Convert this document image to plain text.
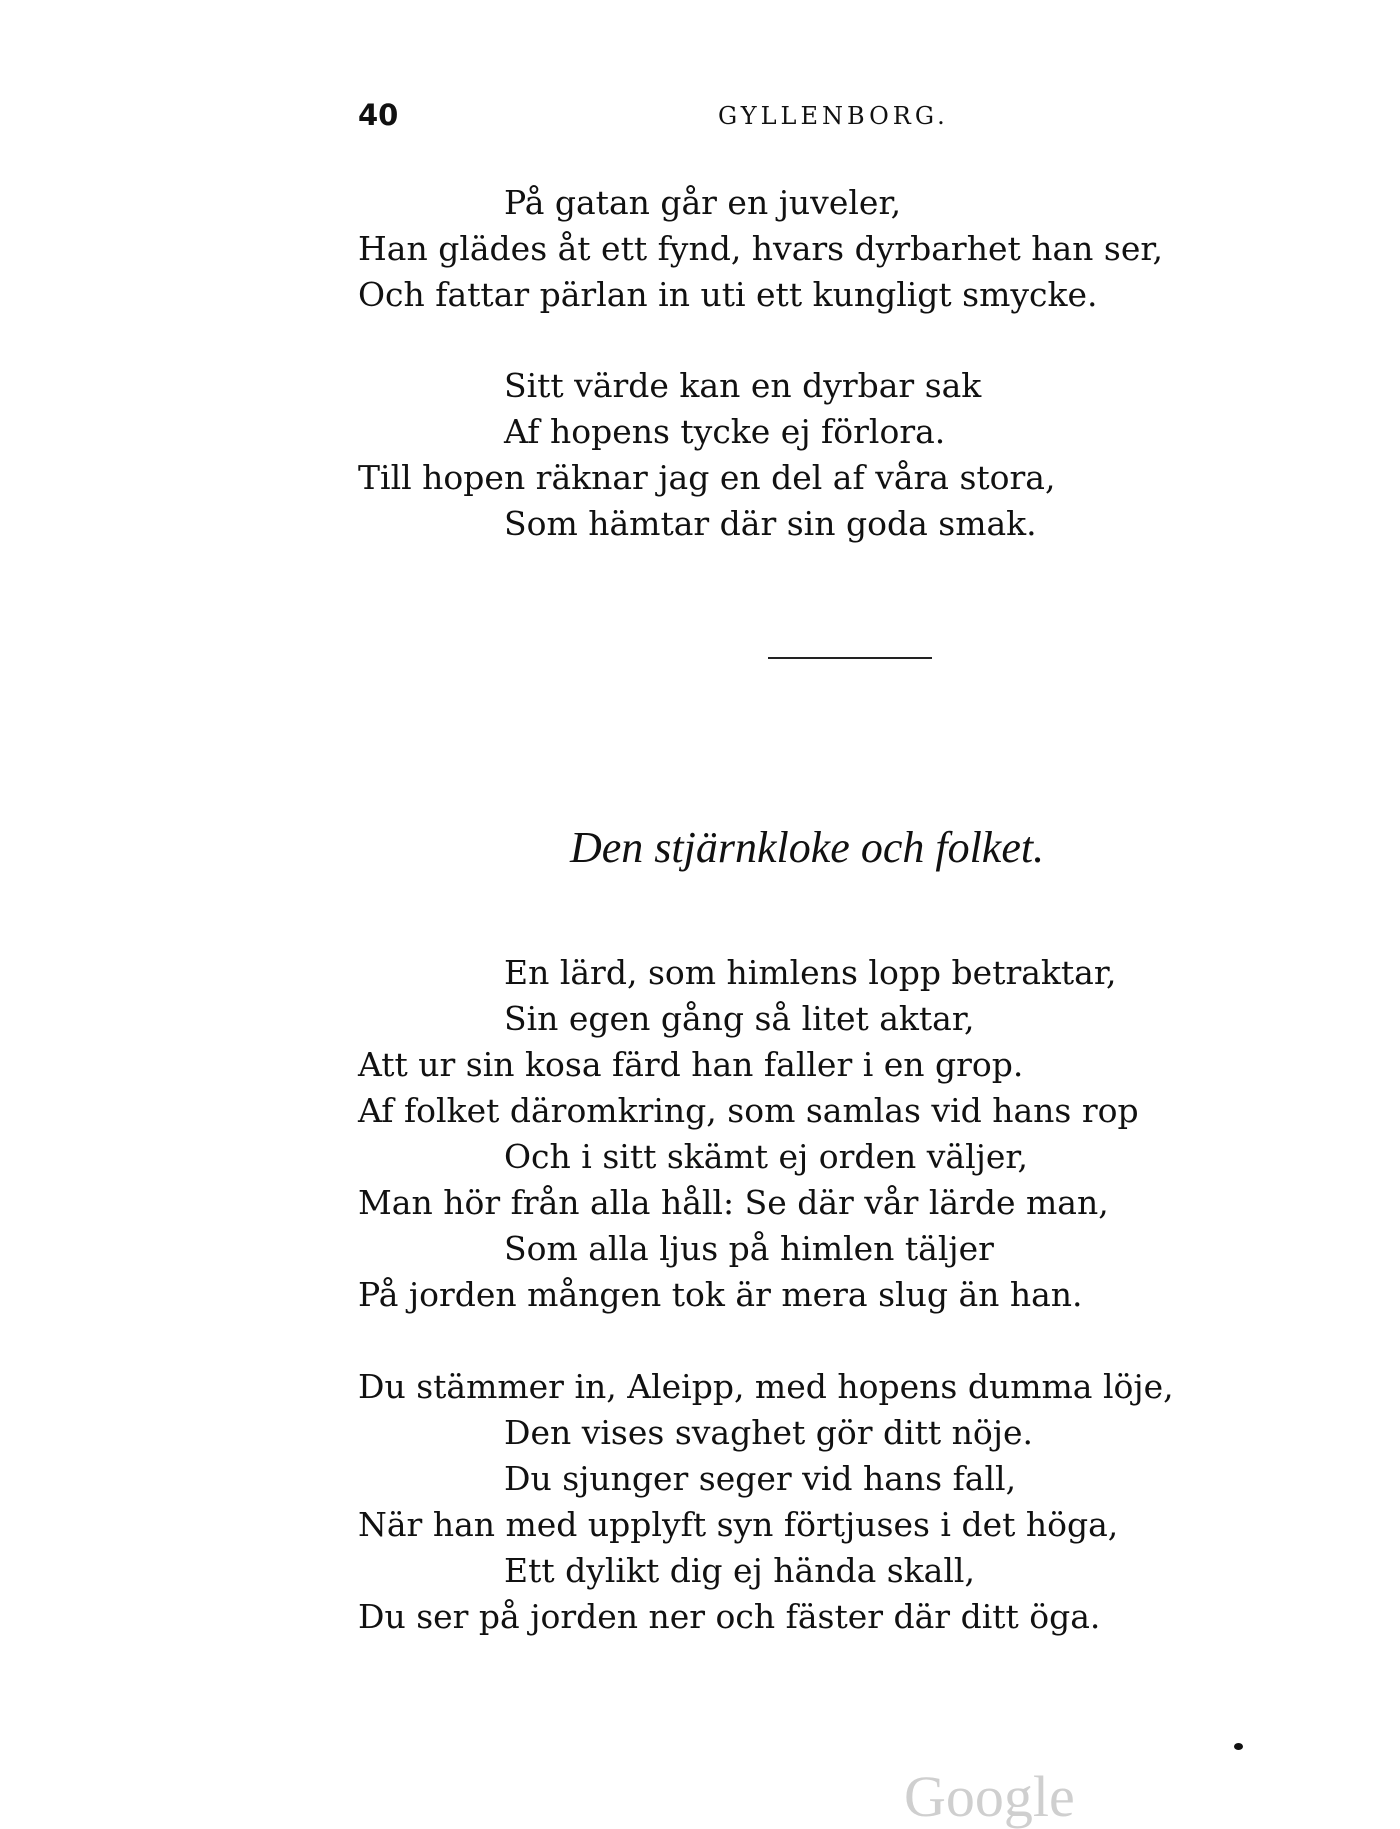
40	GYLLENBORG.
På gatan går en juveler,
Han glädes åt ett fynd, hvars dyrbarhet han ser,
Och fattar pärlan in uti ett kungligt smycke.
Sitt värde kan en dyrbar sak
Af hopens tycke ej förlora.
Till hopen räknar jag en del af våra stora,
Som hämtar där sin goda smak.
Den stjärnkloke och folket.
En lärd, som himlens lopp betraktar,
Sin egen gång så litet aktar,
Att ur sin kosa färd han faller i en grop.
Af folket däromkring, som samlas vid hans rop
Och i sitt skämt ej orden väljer,
Man hör från alla håll: Se där vår lärde man,
Som alla ljus på himlen täljer
På jorden mången tok är mera slug än han.
Du stämmer in, Aleipp, med hopens dumma löje,
Den vises svaghet gör ditt nöje.
Du sjunger seger vid hans fall,
När han med upplyft syn förtjuses i det höga,
Ett dylikt dig ej hända skall,
Du ser på jorden ner och fäster där ditt öga.
Google
